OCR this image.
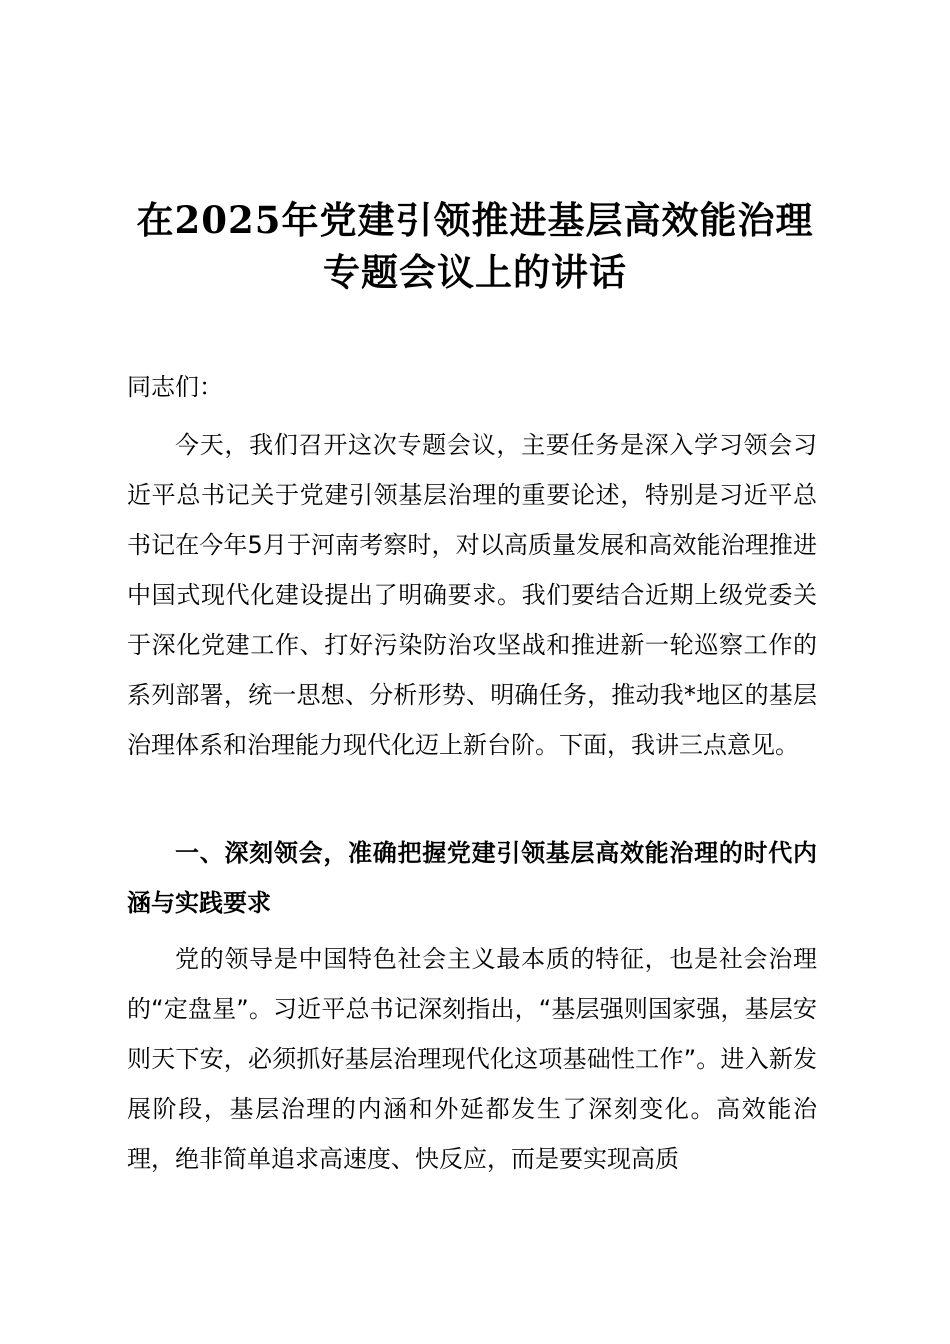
在2025年党建引领推进基层高效能治理
专题会议上的讲话
同志们：

今天，我们召开这次专题会议，主要任务是深入学习领会习近平总书记关于党建引领基层治理的重要论述，特别是习近平总书记在今年5月于河南考察时，对以高质量发展和高效能治理推进中国式现代化建设提出了明确要求。我们要结合近期上级党委关于深化党建工作、打好污染防治攻坚战和推进新一轮巡察工作的系列部署，统一思想、分析形势、明确任务，推动我*地区的基层治理体系和治理能力现代化迈上新台阶。下面，我讲三点意见。

一、深刻领会，准确把握党建引领基层高效能治理的时代内涵与实践要求

党的领导是中国特色社会主义最本质的特征，也是社会治理的“定盘星”。习近平总书记深刻指出，“基层强则国家强，基层安则天下安，必须抓好基层治理现代化这项基础性工作”。进入新发展阶段，基层治理的内涵和外延都发生了深刻变化。高效能治理，绝非简单追求高速度、快反应，而是要实现高质
